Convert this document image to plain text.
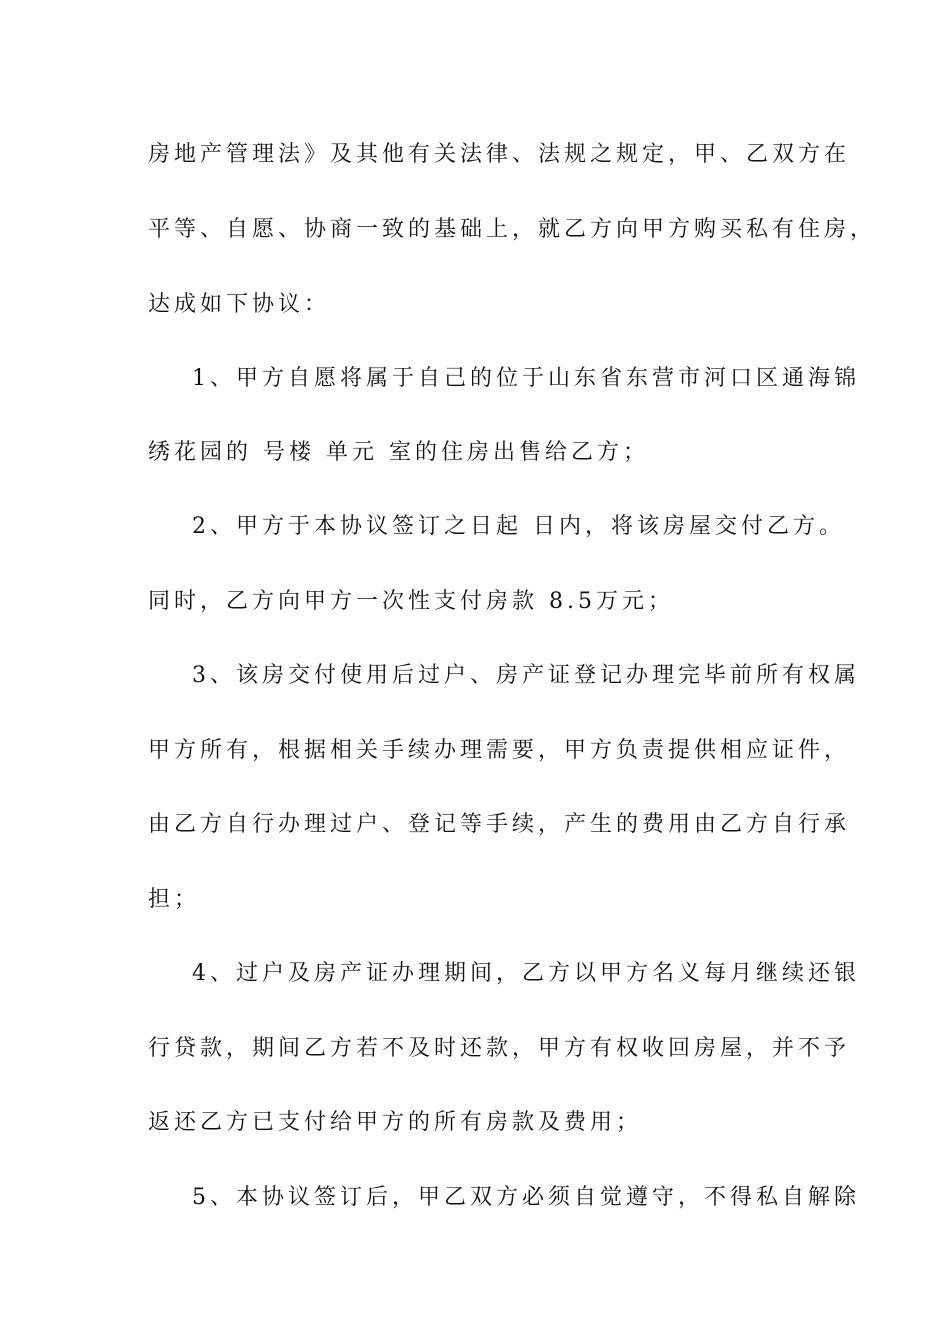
房地产管理法》及其他有关法律、法规之规定，甲、乙双方在
平等、自愿、协商一致的基础上，就乙方向甲方购买私有住房，
达成如下协议：
1、甲方自愿将属于自己的位于山东省东营市河口区通海锦
绣花园的 号楼 单元 室的住房出售给乙方；
2、甲方于本协议签订之日起 日内，将该房屋交付乙方。
同时，乙方向甲方一次性支付房款 8.5万元；
3、该房交付使用后过户、房产证登记办理完毕前所有权属
甲方所有，根据相关手续办理需要，甲方负责提供相应证件，
由乙方自行办理过户、登记等手续，产生的费用由乙方自行承
担；
4、过户及房产证办理期间，乙方以甲方名义每月继续还银
行贷款，期间乙方若不及时还款，甲方有权收回房屋，并不予
返还乙方已支付给甲方的所有房款及费用；
5、本协议签订后，甲乙双方必须自觉遵守，不得私自解除
